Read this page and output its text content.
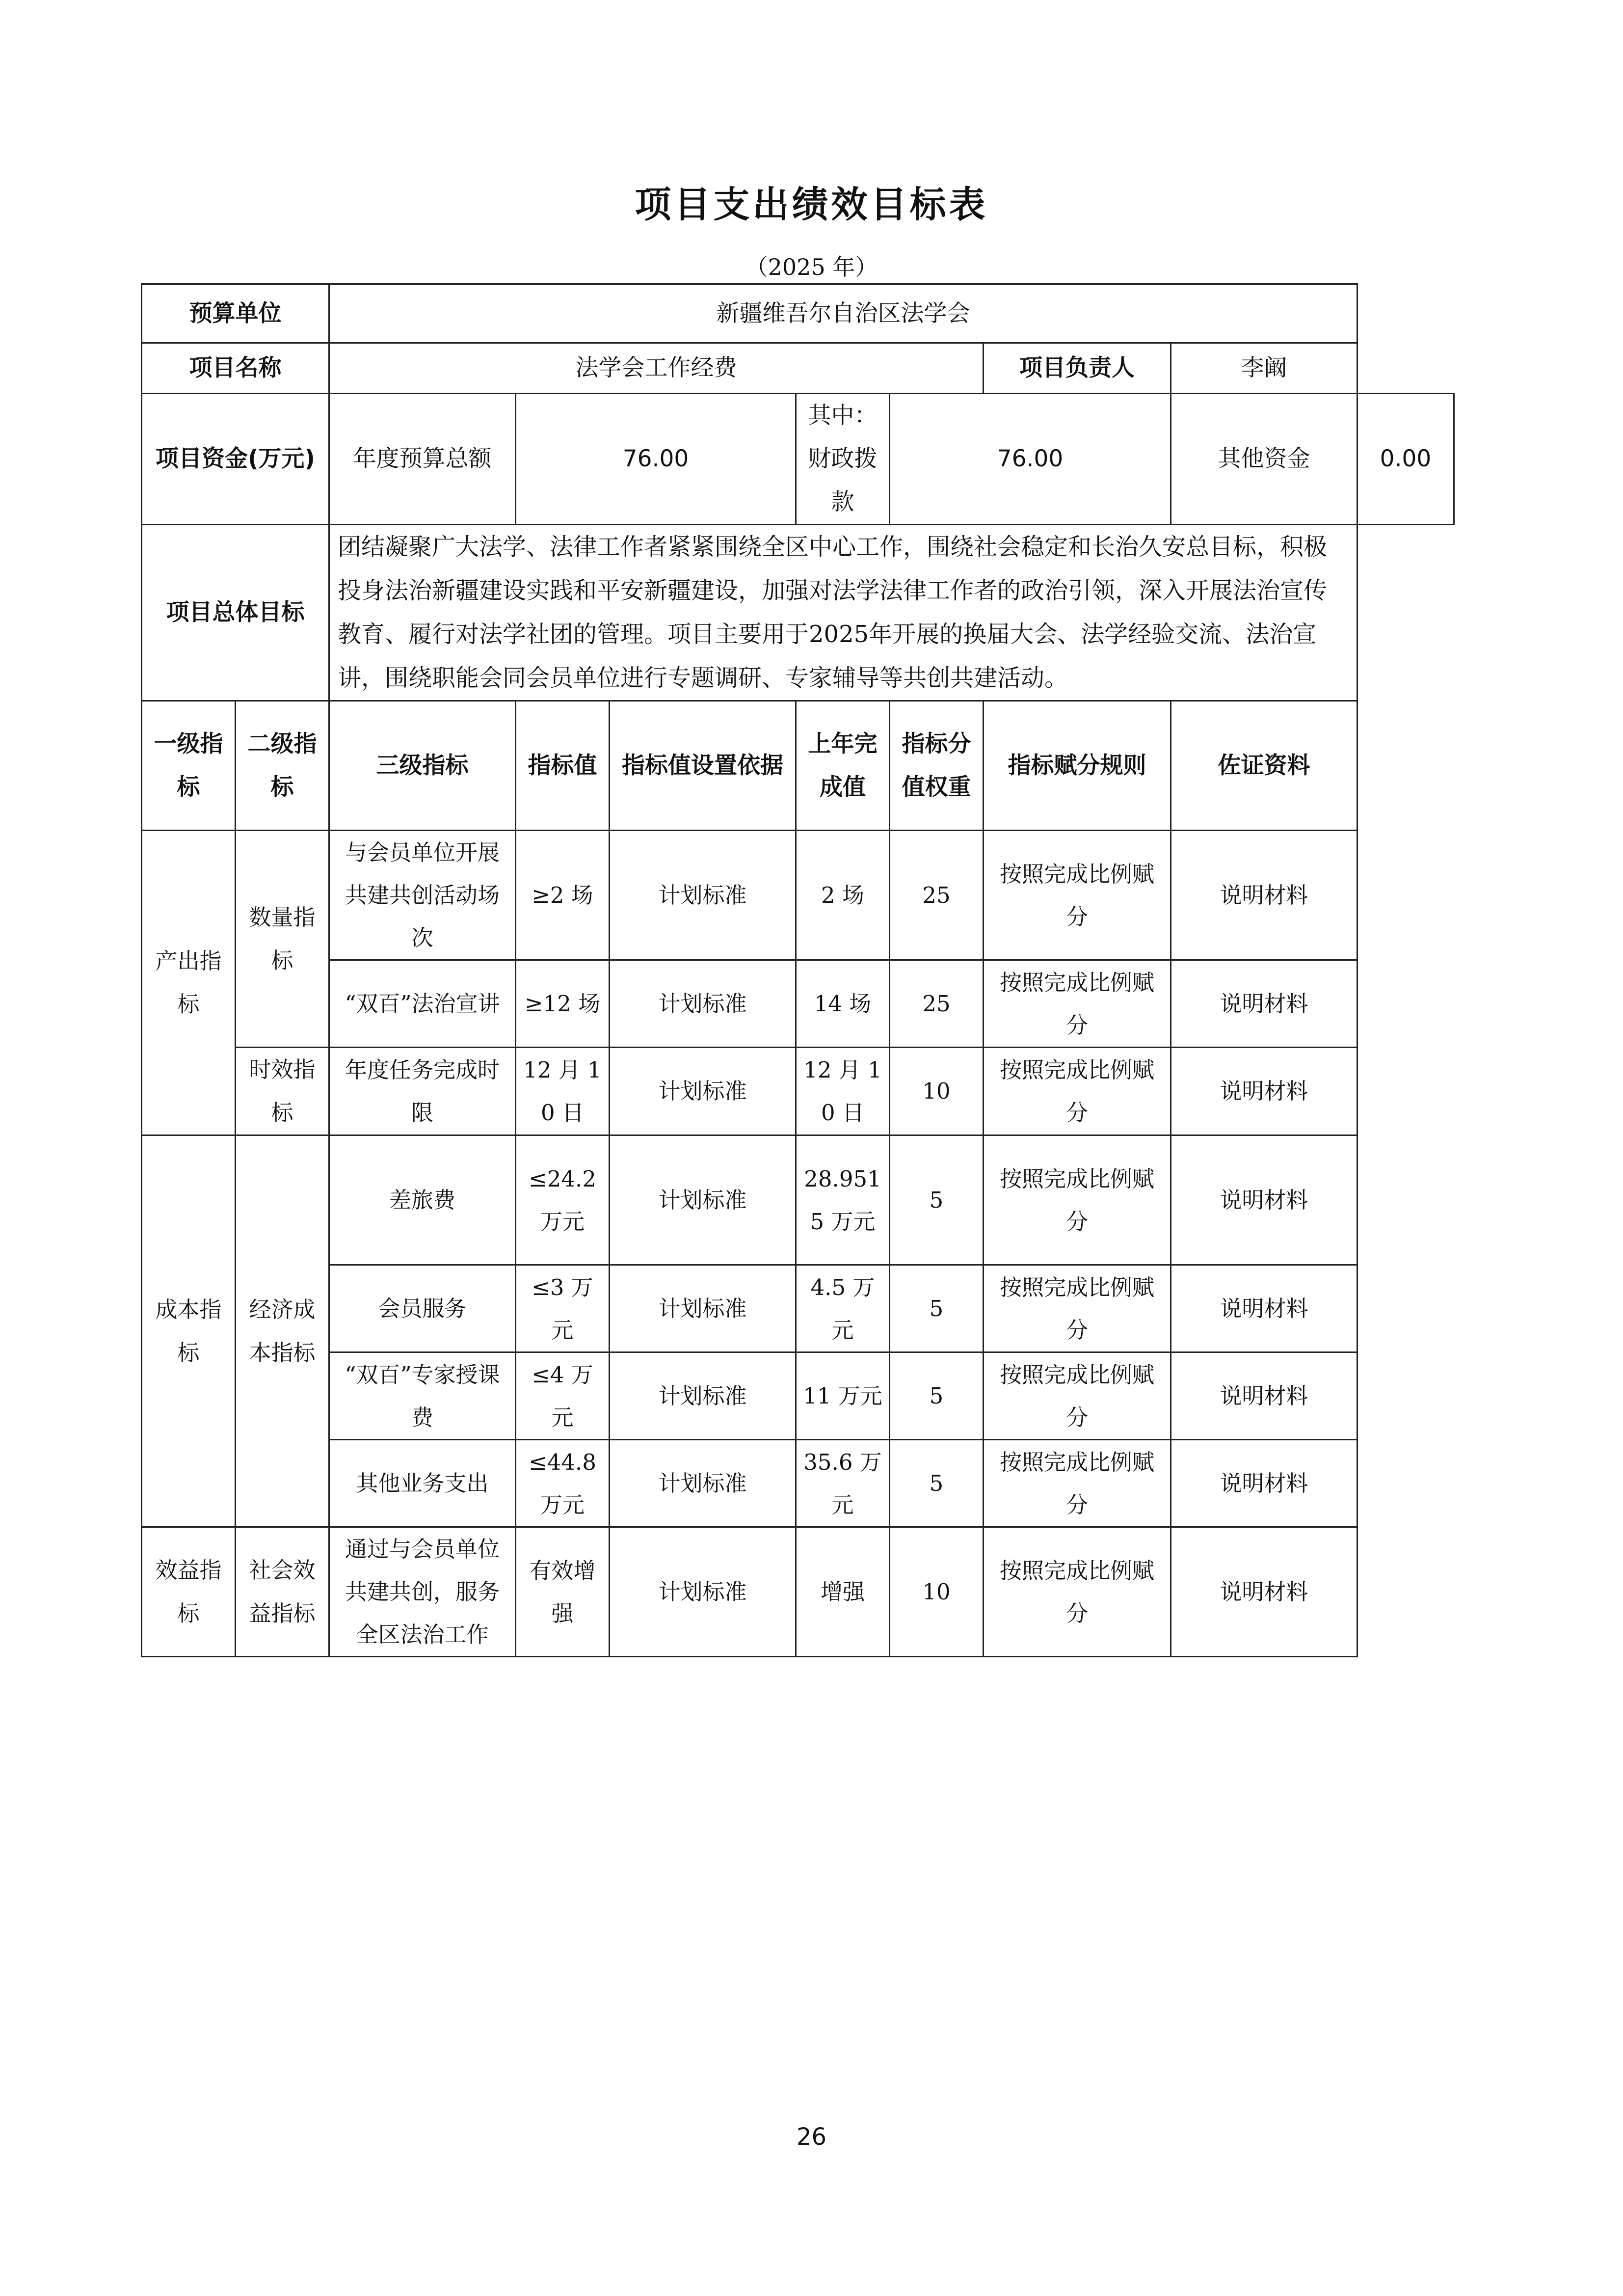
项目支出绩效目标表
（2025 年）
预算单位		新疆维吾尔自治区法学会							
项目名称		法学会工作经费					项目负责人	李阚	
项目资金(万元)		年度预算总额	76.00		其中：财政拨款	76.00		其他资金	0.00
项目总体目标		团结凝聚广大法学、法律工作者紧紧围绕全区中心工作，围绕社会稳定和长治久安总目标，积极投身法治新疆建设实践和平安新疆建设，加强对法学法律工作者的政治引领，深入开展法治宣传教育、履行对法学社团的管理。项目主要用于2025年开展的换届大会、法学经验交流、法治宣讲，围绕职能会同会员单位进行专题调研、专家辅导等共创共建活动。							
一级指标	二级指标	三级指标	指标值	指标值设置依据	上年完成值	指标分值权重	指标赋分规则	佐证资料	
产出指标	数量指标	与会员单位开展共建共创活动场次	≥2 场	计划标准	2 场	25	按照完成比例赋分	说明材料	
		“双百”法治宣讲	≥12 场	计划标准	14 场	25	按照完成比例赋分	说明材料	
	时效指标	年度任务完成时限	12 月 10 日	计划标准	12 月 10 日	10	按照完成比例赋分	说明材料	
成本指标	经济成本指标	差旅费	≤24.2 万元	计划标准	28.9515 万元	5	按照完成比例赋分	说明材料	
		会员服务	≤3 万元	计划标准	4.5 万元	5	按照完成比例赋分	说明材料	
		“双百”专家授课费	≤4 万元	计划标准	11 万元	5	按照完成比例赋分	说明材料	
		其他业务支出	≤44.8 万元	计划标准	35.6 万元	5	按照完成比例赋分	说明材料	
效益指标	社会效益指标	通过与会员单位共建共创，服务全区法治工作	有效增强	计划标准	增强	10	按照完成比例赋分	说明材料	
26
